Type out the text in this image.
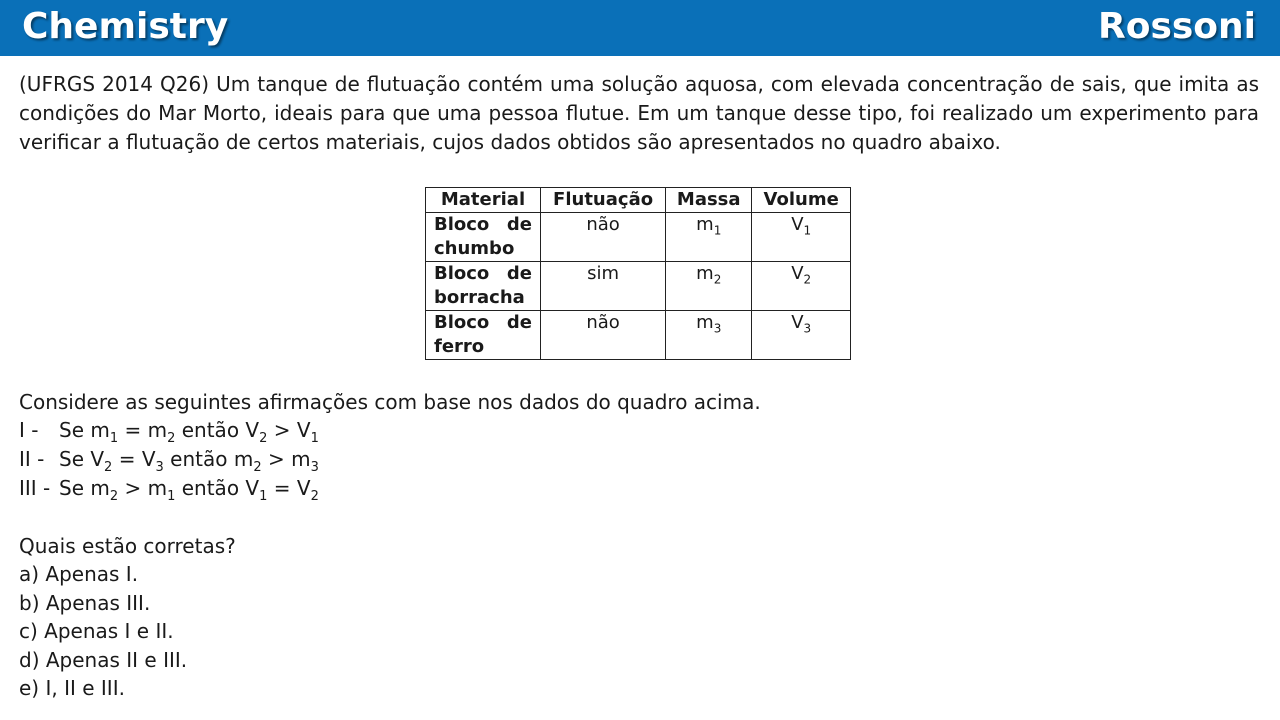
Chemistry	Rossoni
(UFRGS 2014 Q26) Um tanque de flutuação contém uma solução aquosa, com elevada concentração de sais, que imita as condições do Mar Morto, ideais para que uma pessoa flutue. Em um tanque desse tipo, foi realizado um experimento para verificar a flutuação de certos materiais, cujos dados obtidos são apresentados no quadro abaixo.
Material	Flutuação	Massa	Volume

Bloco de
chumbo	não	$m_1$	$V_1$

Bloco de
borracha	sim	$m_2$	$V_2$

Bloco de
ferro	não	$m_3$	$V_3$
Considere as seguintes afirmações com base nos dados do quadro acima.
I - Se $m_1 = m_2$ então $V_2 > V_1$
II - Se $V_2 = V_3$ então $m_2 > m_3$
III - Se $m_2 > m_1$ então $V_1 = V_2$
Quais estão corretas?
a) Apenas I.
b) Apenas III.
c) Apenas I e II.
d) Apenas II e III.
e) I, II e III.
